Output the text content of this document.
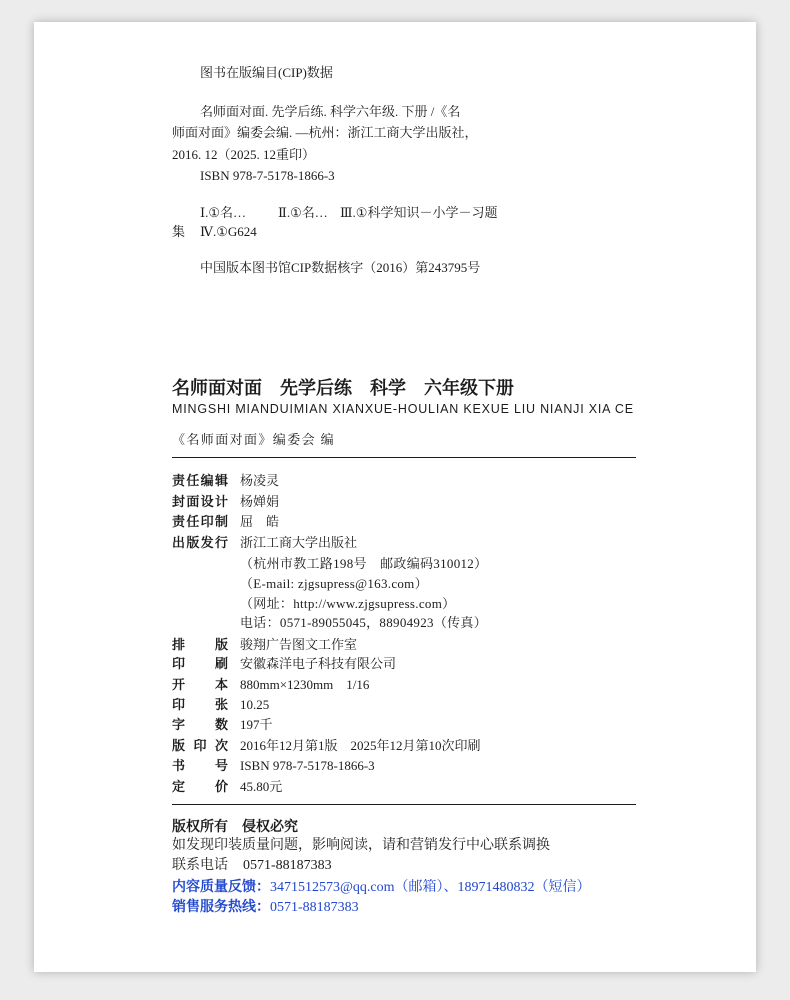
图书在版编目(CIP)数据
名师面对面. 先学后练. 科学六年级. 下册 /《名
师面对面》编委会编. —杭州：浙江工商大学出版社，
2016. 12（2025. 12重印）
ISBN 978-7-5178-1866-3
Ⅰ.①名… Ⅱ.①名… Ⅲ.①科学知识－小学－习题
集 Ⅳ.①G624
中国版本图书馆CIP数据核字（2016）第243795号
名师面对面　先学后练　科学　六年级下册
MINGSHI MIANDUIMIAN XIANXUE-HOULIAN KEXUE LIU NIANJI XIA CE
《名师面对面》编委会 编
责任编辑 杨凌灵
封面设计 杨婵娟
责任印制 屈　皓
出版发行 浙江工商大学出版社
（杭州市教工路198号　邮政编码310012）
（E-mail: zjgsupress@163.com）
（网址：http://www.zjgsupress.com）
电话：0571-89055045，88904923（传真）
排　　版 骏翔广告图文工作室
印　　刷 安徽森洋电子科技有限公司
开　　本 880mm×1230mm　1/16
印　　张 10.25
字　　数 197千
版 印 次 2016年12月第1版　2025年12月第10次印刷
书　　号 ISBN 978-7-5178-1866-3
定　　价 45.80元
版权所有　侵权必究
如发现印装质量问题，影响阅读，请和营销发行中心联系调换
联系电话 0571-88187383
内容质量反馈：3471512573@qq.com（邮箱）、18971480832（短信）
销售服务热线：0571-88187383
